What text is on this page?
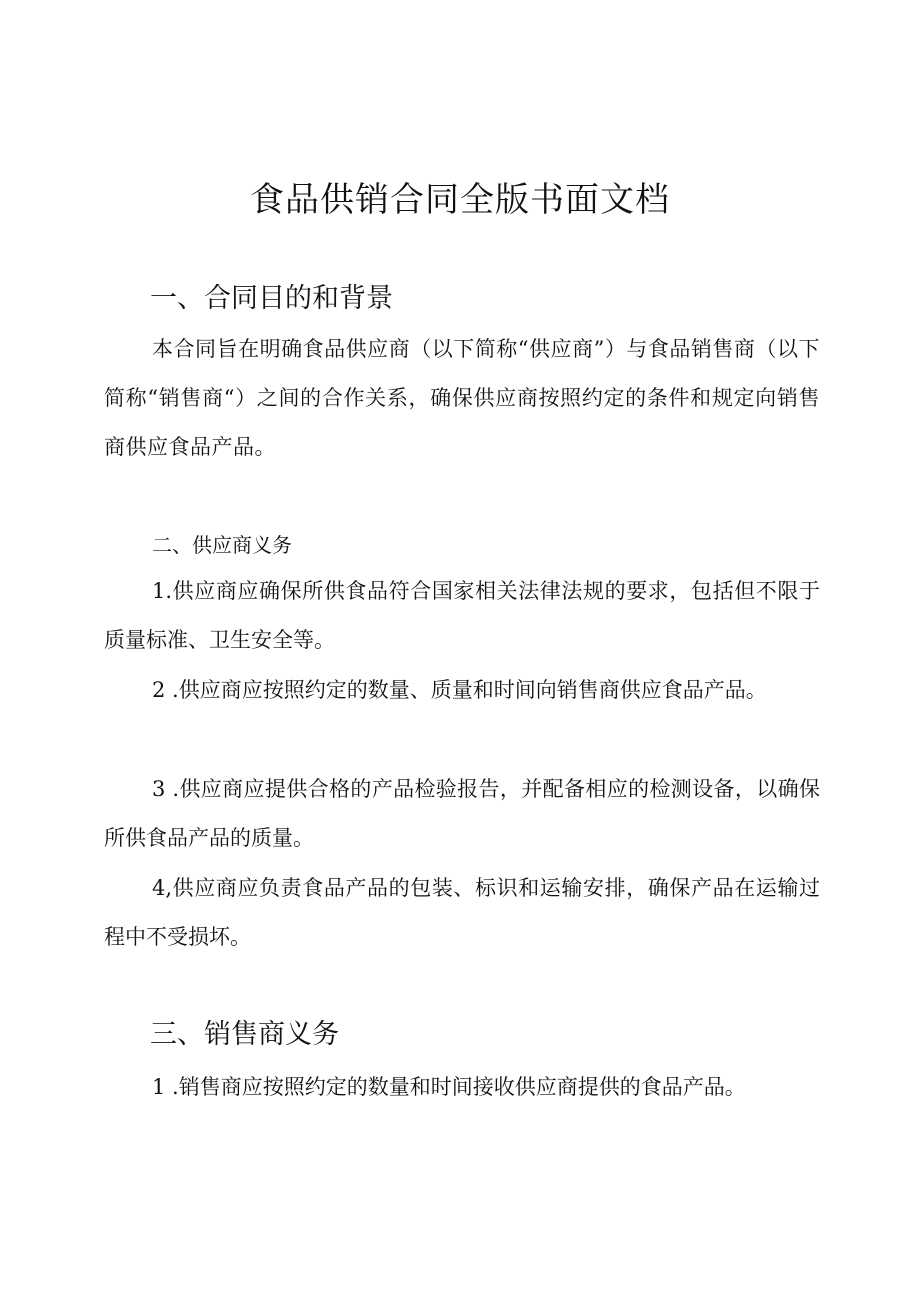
食品供销合同全版书面文档
一、合同目的和背景

本合同旨在明确食品供应商（以下简称“供应商”）与食品销售商（以下简称“销售商“）之间的合作关系，确保供应商按照约定的条件和规定向销售商供应食品产品。

二、供应商义务

1.供应商应确保所供食品符合国家相关法律法规的要求，包括但不限于质量标准、卫生安全等。

2 .供应商应按照约定的数量、质量和时间向销售商供应食品产品。

3 .供应商应提供合格的产品检验报告，并配备相应的检测设备，以确保所供食品产品的质量。

4,供应商应负责食品产品的包装、标识和运输安排，确保产品在运输过程中不受损坏。

三、销售商义务

1 .销售商应按照约定的数量和时间接收供应商提供的食品产品。
